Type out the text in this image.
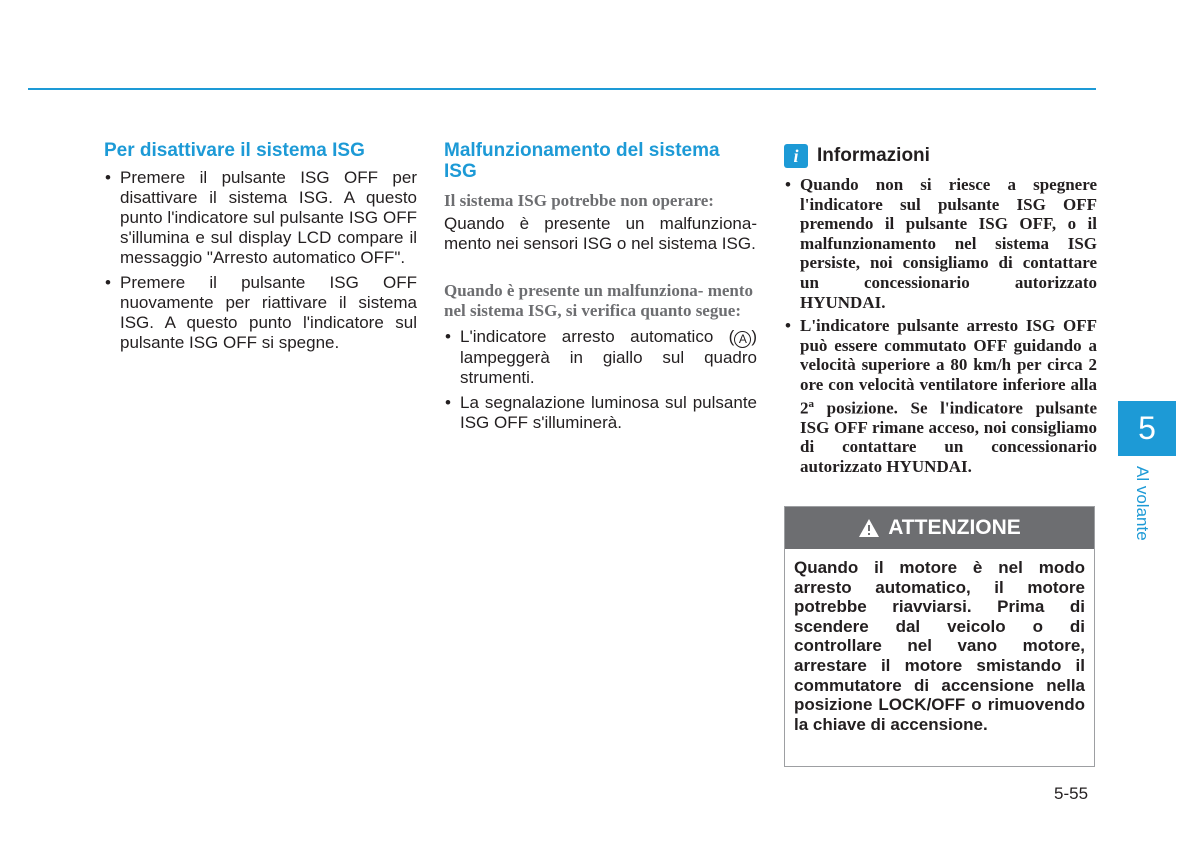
Per disattivare il sistema ISG
• Premere il pulsante ISG OFF per disattivare il sistema ISG. A questo punto l'indicatore sul pulsante ISG OFF s'illumina e sul display LCD compare il messaggio "Arresto automatico OFF".
• Premere il pulsante ISG OFF nuovamente per riattivare il sistema ISG. A questo punto l'indicatore sul pulsante ISG OFF si spegne.
Malfunzionamento del sistema ISG

Il sistema ISG potrebbe non operare:

Quando è presente un malfunziona- mento nei sensori ISG o nel sistema ISG.

Quando è presente un malfunziona- mento nel sistema ISG, si verifica quanto segue:

• L'indicatore arresto automatico ( A ) lampeggerà in giallo sul quadro strumenti.
• La segnalazione luminosa sul pulsante ISG OFF s'illuminerà.
i Informazioni
• Quando non si riesce a spegnere l'indicatore sul pulsante ISG OFF premendo il pulsante ISG OFF, o il malfunzionamento nel sistema ISG persiste, noi consigliamo di contattare un concessionario autorizzato HYUNDAI.
• L'indicatore pulsante arresto ISG OFF può essere commutato OFF guidando a velocità superiore a 80 km/h per circa 2 ore con velocità ventilatore inferiore alla 2$^a$ posizione. Se l'indicatore pulsante ISG OFF rimane acceso, noi consigliamo di contattare un concessionario autorizzato HYUNDAI.
ATTENZIONE
Quando il motore è nel modo arresto automatico, il motore potrebbe riavviarsi. Prima di scendere dal veicolo o di controllare nel vano motore, arrestare il motore smistando il commutatore di accensione nella posizione LOCK/OFF o rimuovendo la chiave di accensione.
5
Al volante
5-55
